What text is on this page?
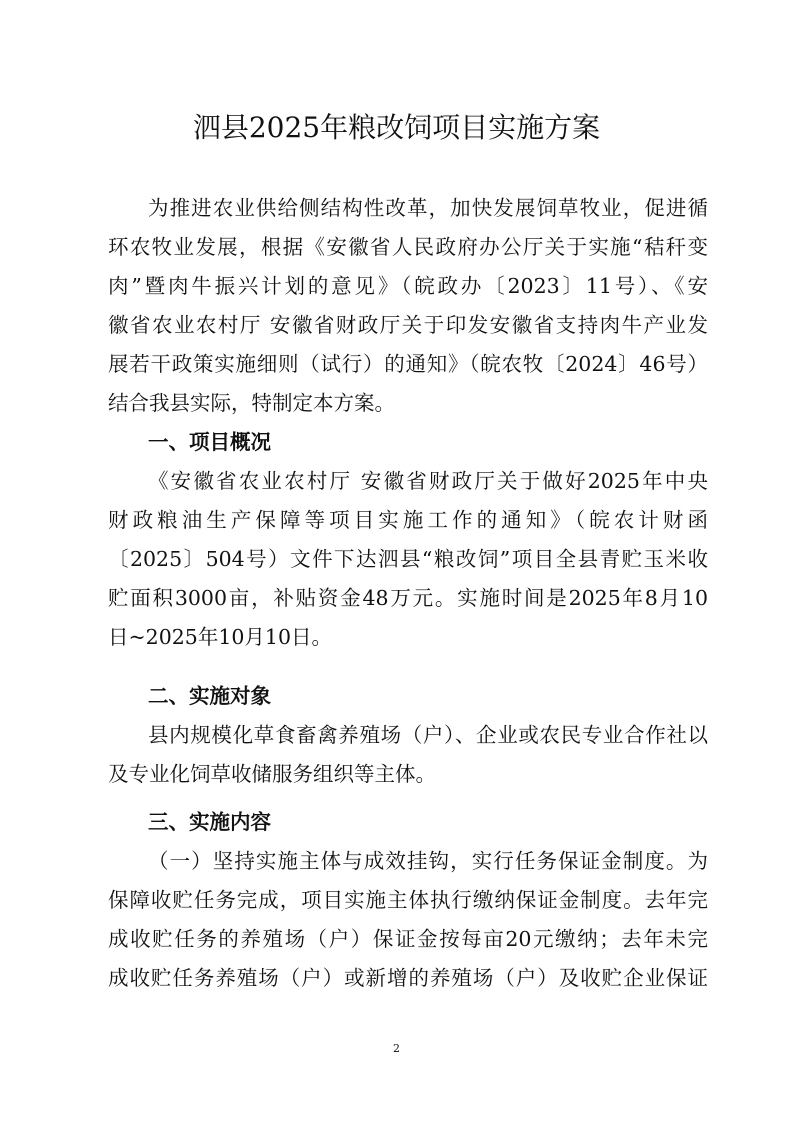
泗县2025年粮改饲项目实施方案
为推进农业供给侧结构性改革，加快发展饲草牧业，促进循
环农牧业发展，根据《安徽省人民政府办公厅关于实施“秸秆变
肉”暨肉牛振兴计划的意见》（皖政办〔2023〕11号）、《安
徽省农业农村厅 安徽省财政厅关于印发安徽省支持肉牛产业发
展若干政策实施细则（试行）的通知》（皖农牧〔2024〕46号）
结合我县实际，特制定本方案。
一、项目概况
《安徽省农业农村厅 安徽省财政厅关于做好2025年中央
财政粮油生产保障等项目实施工作的通知》（皖农计财函
〔2025〕504号）文件下达泗县“粮改饲”项目全县青贮玉米收
贮面积3000亩，补贴资金48万元。实施时间是2025年8月10
日~2025年10月10日。
二、实施对象
县内规模化草食畜禽养殖场（户）、企业或农民专业合作社以
及专业化饲草收储服务组织等主体。
三、实施内容
（一）坚持实施主体与成效挂钩，实行任务保证金制度。为
保障收贮任务完成，项目实施主体执行缴纳保证金制度。去年完
成收贮任务的养殖场（户）保证金按每亩20元缴纳；去年未完
成收贮任务养殖场（户）或新增的养殖场（户）及收贮企业保证
2
